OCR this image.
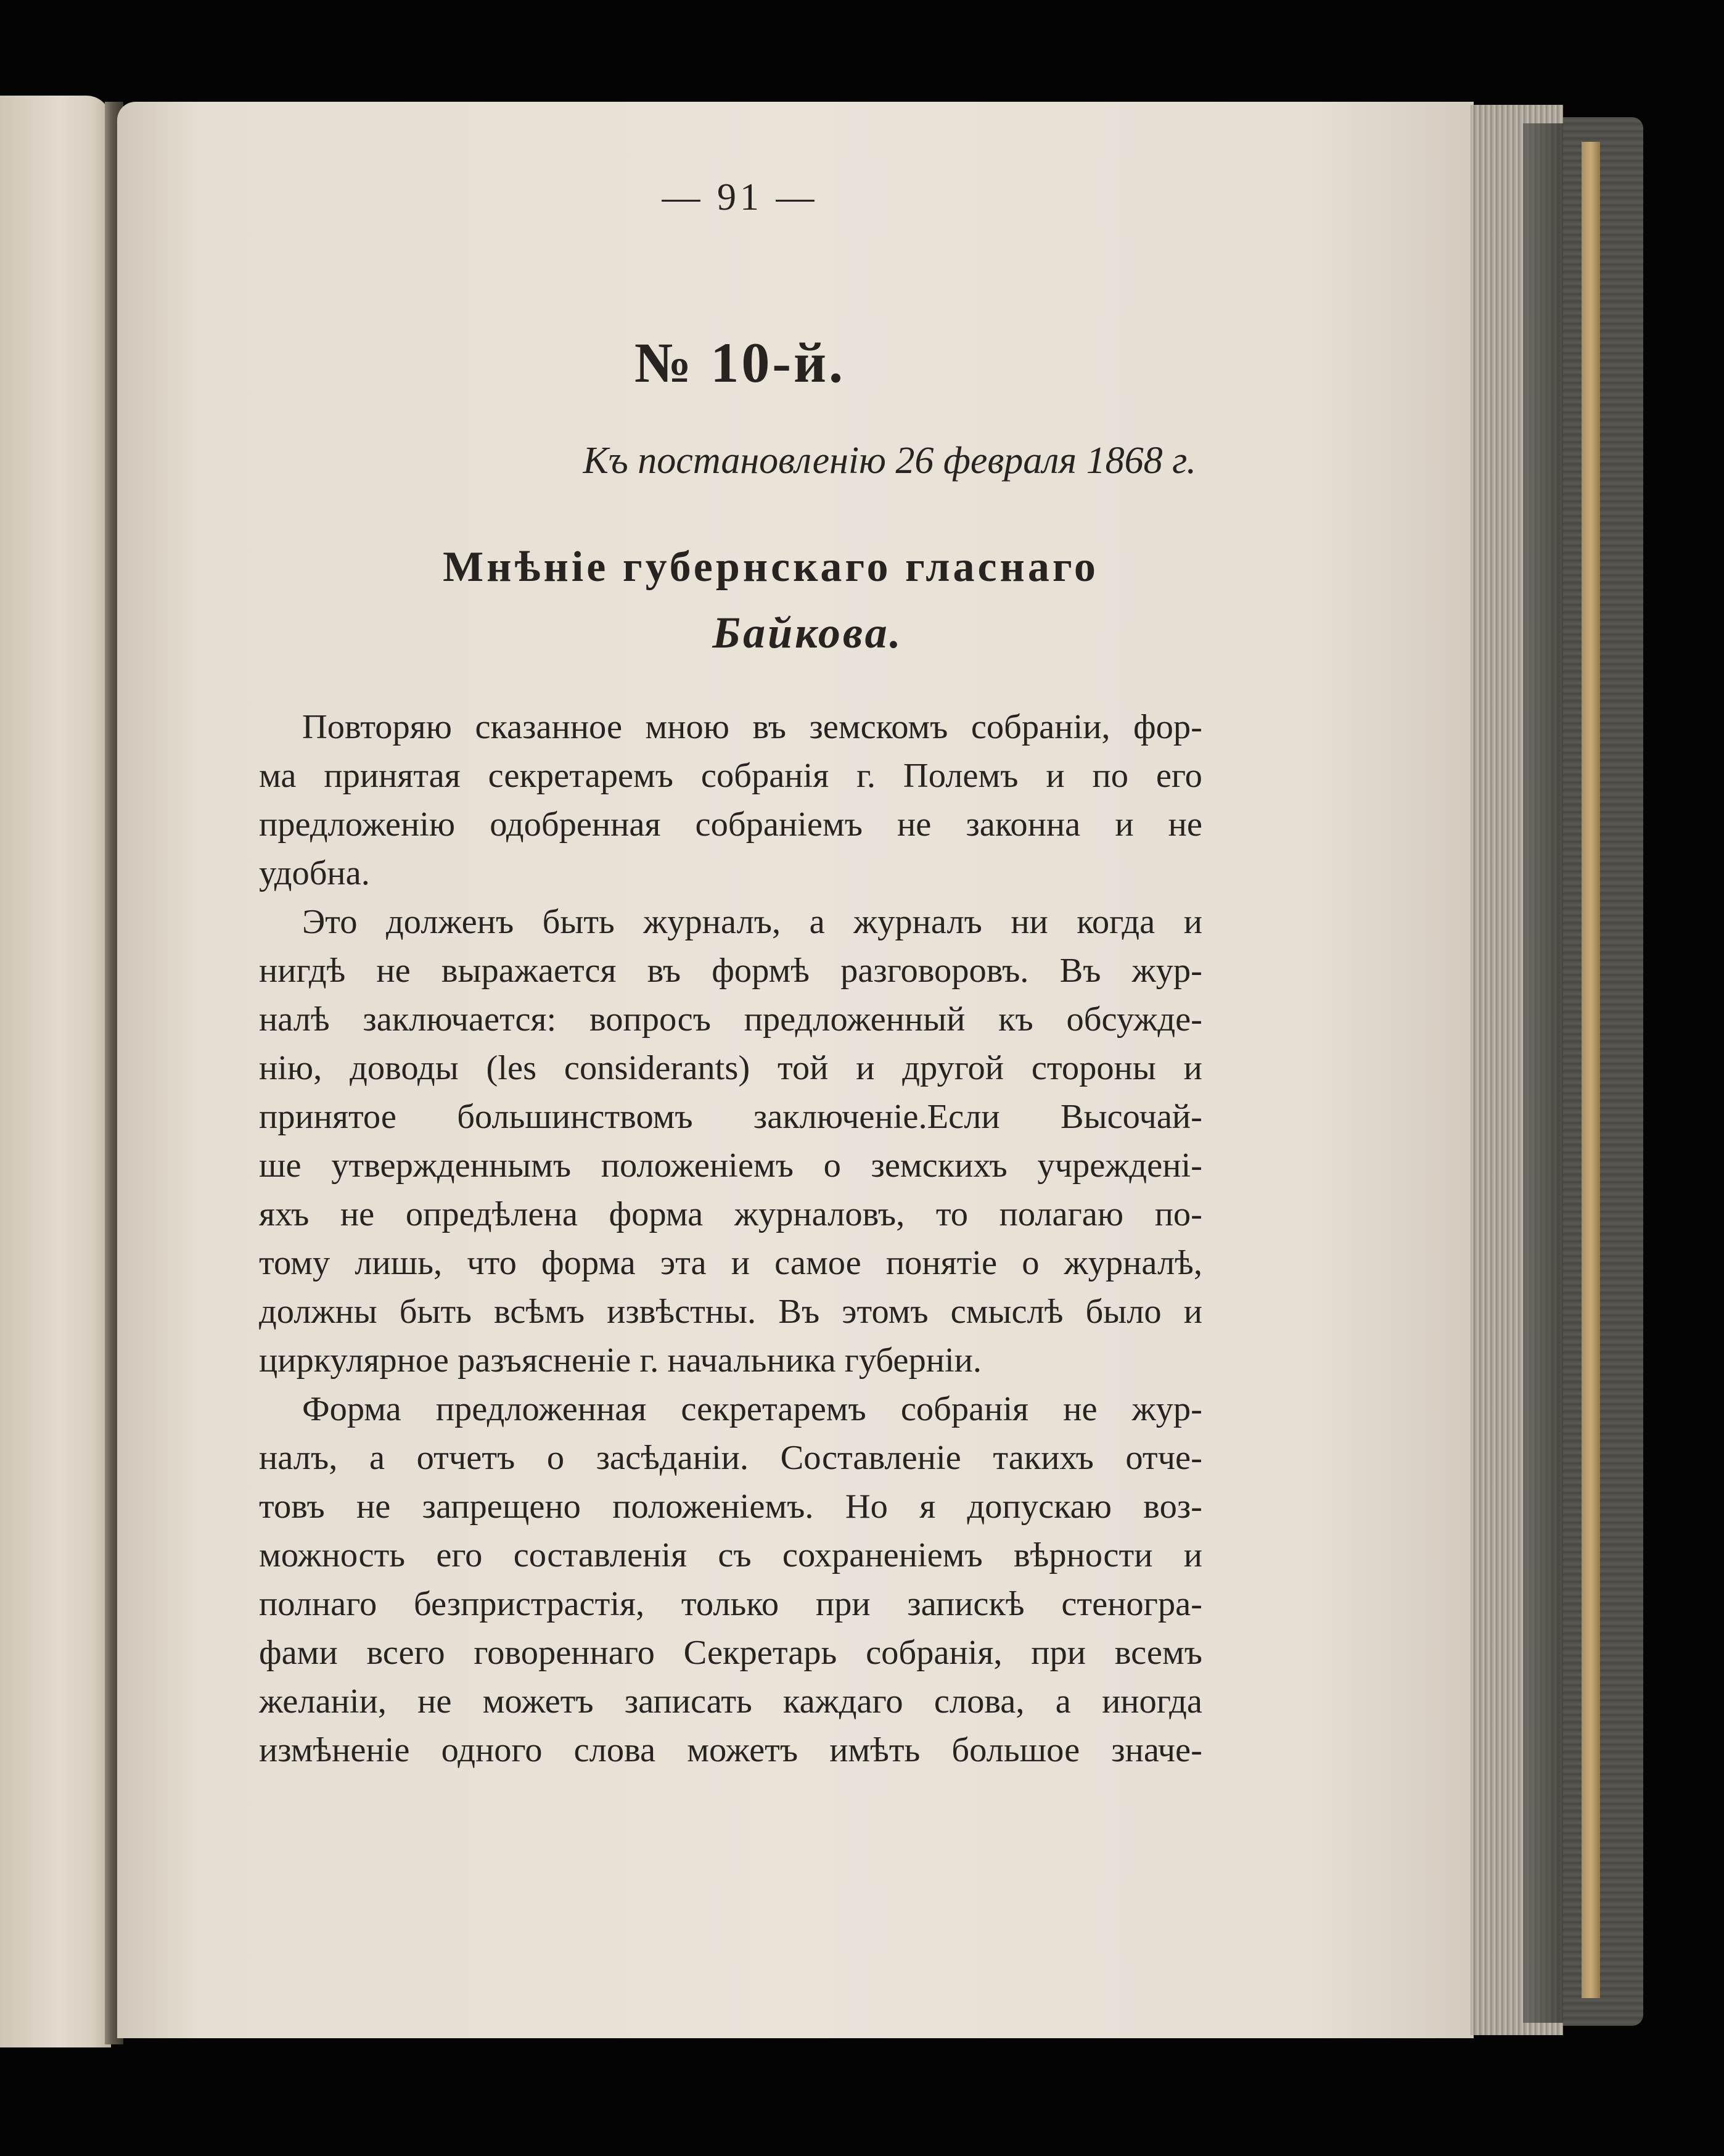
— 91 —

№ 10-й.

Къ постановленію 26 февраля 1868 г.

Мнѣніе губернскаго гласнаго

Байкова.

Повторяю сказанное мною въ земскомъ собраніи, фор-
ма принятая секретаремъ собранія г. Полемъ и по его
предложенію одобренная собраніемъ не законна и не
удобна.
Это долженъ быть журналъ, а журналъ ни когда и
нигдѣ не выражается въ формѣ разговоровъ. Въ жур-
налѣ заключается: вопросъ предложенный къ обсужде-
нію, доводы (les considerants) той и другой стороны и
принятое большинствомъ заключеніе.Если Высочай-
ше утвержденнымъ положеніемъ о земскихъ учрежденi-
яхъ не опредѣлена форма журналовъ, то полагаю по-
тому лишь, что форма эта и самое понятіе о журналѣ,
должны быть всѣмъ извѣстны. Въ этомъ смыслѣ было и
циркулярное разъясненіе г. начальника губерніи.
Форма предложенная секретаремъ собранія не жур-
налъ, а отчетъ о засѣданіи. Составленіе такихъ отче-
товъ не запрещено положеніемъ. Но я допускаю воз-
можность его составленія съ сохраненіемъ вѣрности и
полнаго безпристрастія, только при запискѣ стеногра-
фами всего говореннаго Секретарь собранія, при всемъ
желаніи, не можетъ записать каждаго слова, а иногда
измѣненіе одного слова можетъ имѣть большое значе-
